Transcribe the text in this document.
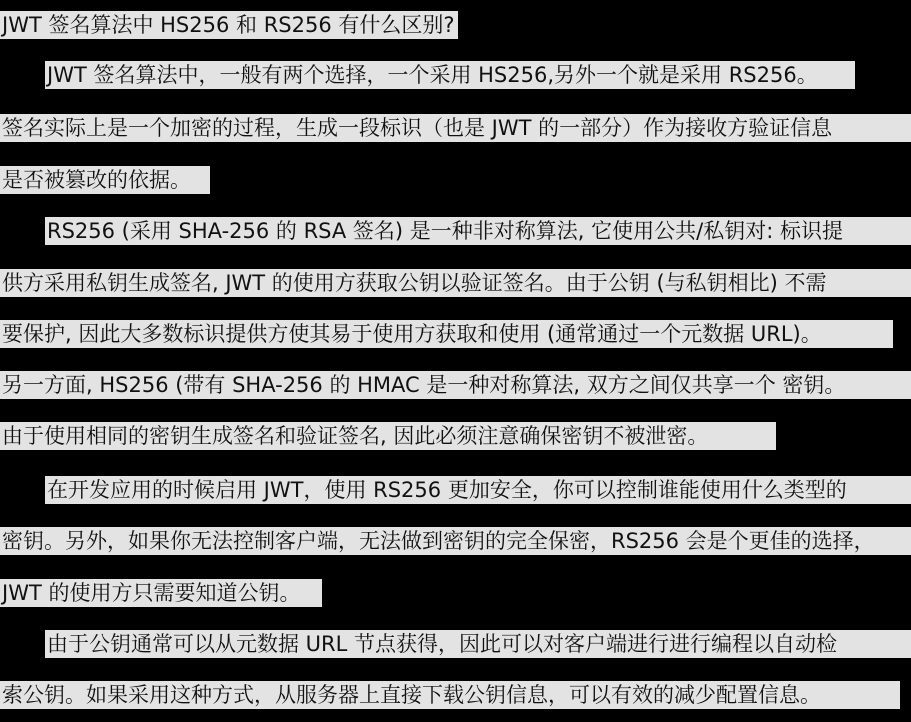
JWT 签名算法中 HS256 和 RS256 有什么区别?
JWT 签名算法中，一般有两个选择，一个采用 HS256,另外一个就是采用 RS256。
签名实际上是一个加密的过程，生成一段标识（也是 JWT 的一部分）作为接收方验证信息
是否被篡改的依据。
RS256 (采用 SHA-256 的 RSA 签名) 是一种非对称算法, 它使用公共/私钥对: 标识提
供方采用私钥生成签名, JWT 的使用方获取公钥以验证签名。由于公钥 (与私钥相比) 不需
要保护, 因此大多数标识提供方使其易于使用方获取和使用 (通常通过一个元数据 URL)。
另一方面, HS256 (带有 SHA-256 的 HMAC 是一种对称算法, 双方之间仅共享一个 密钥。
由于使用相同的密钥生成签名和验证签名, 因此必须注意确保密钥不被泄密。
在开发应用的时候启用 JWT，使用 RS256 更加安全，你可以控制谁能使用什么类型的
密钥。另外，如果你无法控制客户端，无法做到密钥的完全保密，RS256 会是个更佳的选择，
JWT 的使用方只需要知道公钥。
由于公钥通常可以从元数据 URL 节点获得，因此可以对客户端进行进行编程以自动检
索公钥。如果采用这种方式，从服务器上直接下载公钥信息，可以有效的减少配置信息。
